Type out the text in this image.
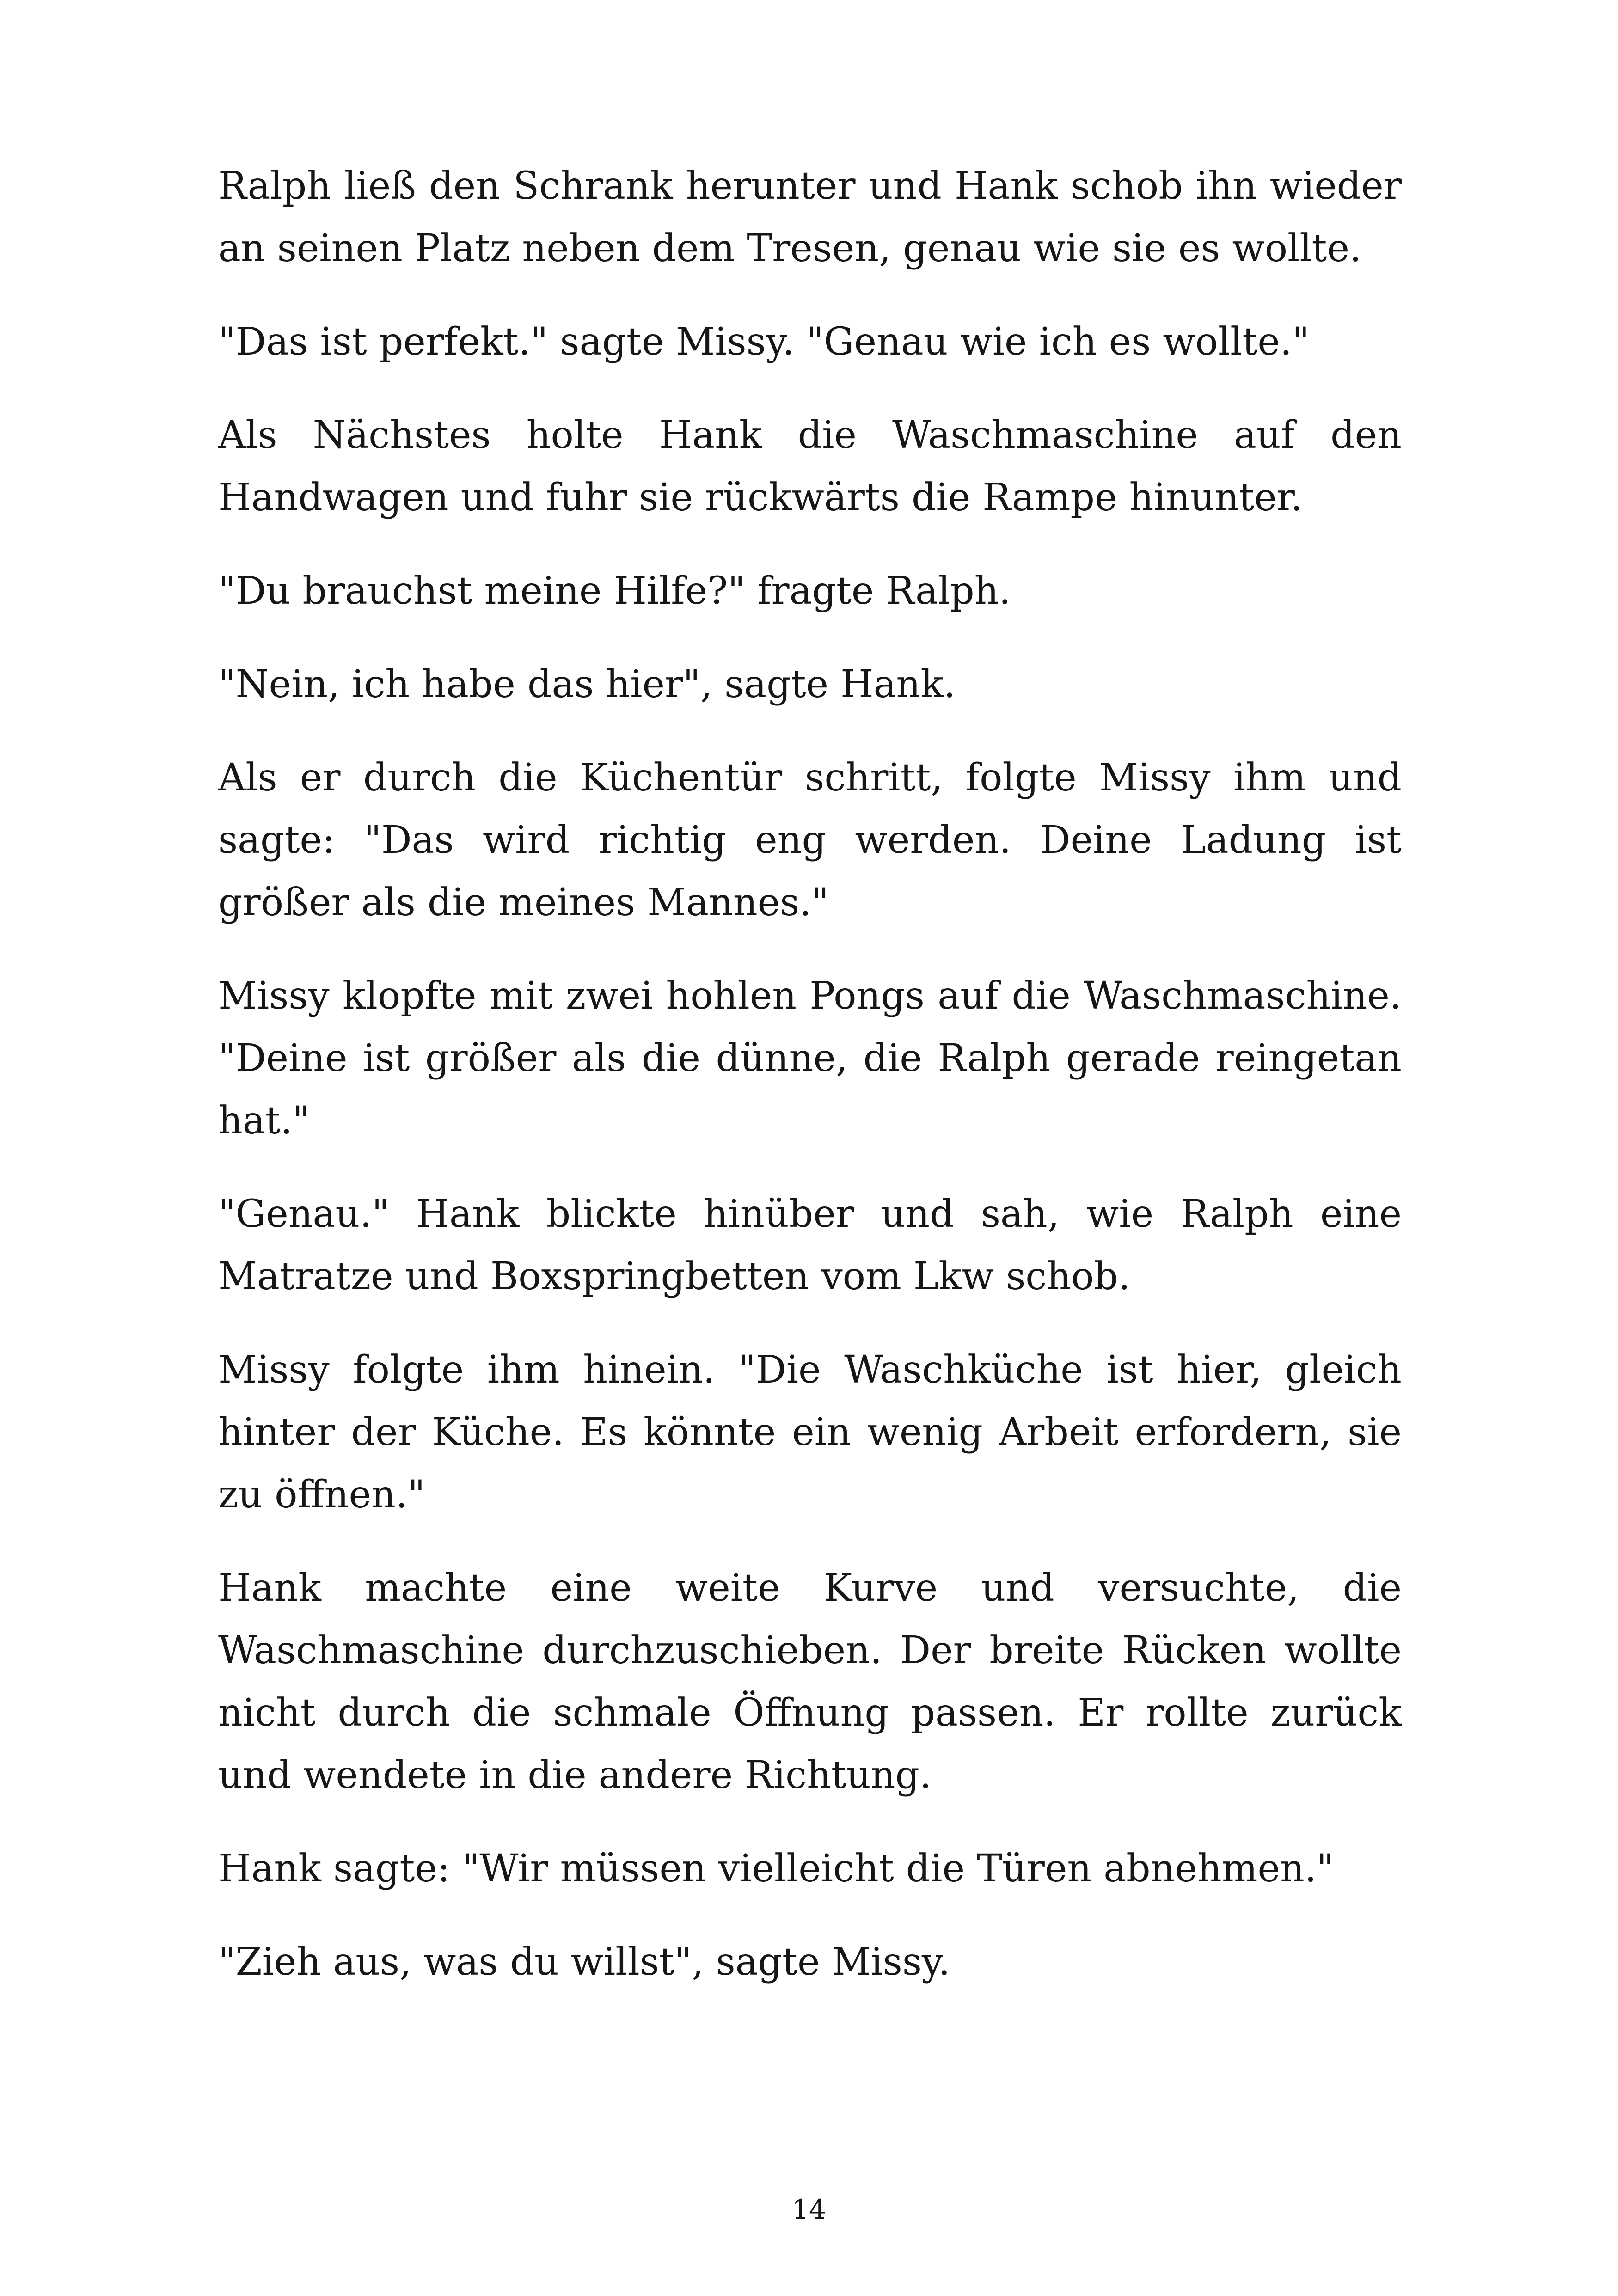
Ralph ließ den Schrank herunter und Hank schob ihn wieder an seinen Platz neben dem Tresen, genau wie sie es wollte.

"Das ist perfekt." sagte Missy. "Genau wie ich es wollte."

Als Nächstes holte Hank die Waschmaschine auf den Handwagen und fuhr sie rückwärts die Rampe hinunter.

"Du brauchst meine Hilfe?" fragte Ralph.

"Nein, ich habe das hier", sagte Hank.

Als er durch die Küchentür schritt, folgte Missy ihm und sagte: "Das wird richtig eng werden. Deine Ladung ist größer als die meines Mannes."

Missy klopfte mit zwei hohlen Pongs auf die Waschmaschine. "Deine ist größer als die dünne, die Ralph gerade reingetan hat."

"Genau." Hank blickte hinüber und sah, wie Ralph eine Matratze und Boxspringbetten vom Lkw schob.

Missy folgte ihm hinein. "Die Waschküche ist hier, gleich hinter der Küche. Es könnte ein wenig Arbeit erfordern, sie zu öffnen."

Hank machte eine weite Kurve und versuchte, die Waschmaschine durchzuschieben. Der breite Rücken wollte nicht durch die schmale Öffnung passen. Er rollte zurück und wendete in die andere Richtung.

Hank sagte: "Wir müssen vielleicht die Türen abnehmen."

"Zieh aus, was du willst", sagte Missy.

14
